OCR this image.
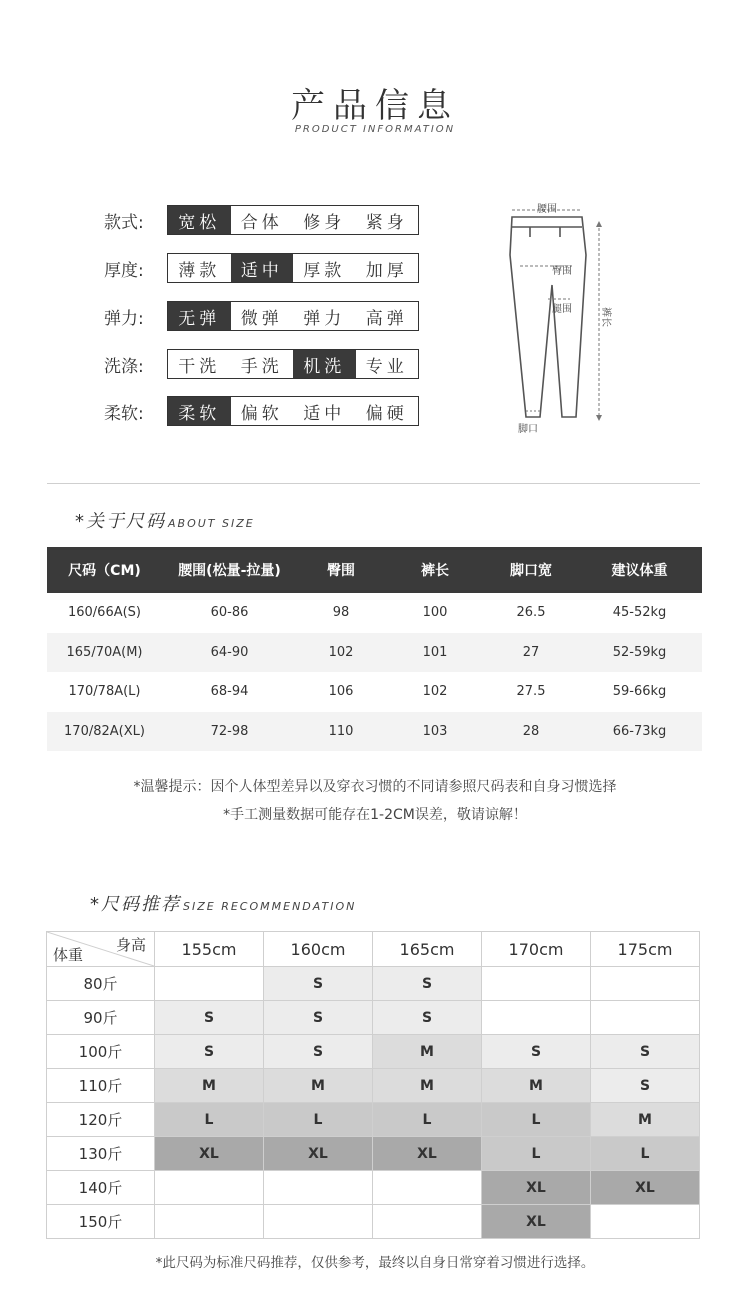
产品信息
PRODUCT INFORMATION
款式:	宽松	合体	修身	紧身
厚度:	薄款	适中	厚款	加厚
弹力:	无弹	微弹	弹力	高弹
洗涤:	干洗	手洗	机洗	专业
柔软:	柔软	偏软	适中	偏硬
腰围
臀围
腿围
脚口
裤长
*关于尺码 ABOUT SIZE
尺码（CM)	腰围(松量-拉量)	臀围	裤长	脚口宽	建议体重
160/66A(S)	60-86	98	100	26.5	45-52kg
165/70A(M)	64-90	102	101	27	52-59kg
170/78A(L)	68-94	106	102	27.5	59-66kg
170/82A(XL)	72-98	110	103	28	66-73kg
*温馨提示：因个人体型差异以及穿衣习惯的不同请参照尺码表和自身习惯选择
*手工测量数据可能存在1-2CM误差，敬请谅解！
*尺码推荐 SIZE RECOMMENDATION
身高
体重	155cm	160cm	165cm	170cm	175cm
80斤		S	S		
90斤	S	S	S		
100斤	S	S	M	S	S
110斤	M	M	M	M	S
120斤	L	L	L	L	M
130斤	XL	XL	XL	L	L
140斤				XL	XL
150斤				XL	
*此尺码为标准尺码推荐，仅供参考，最终以自身日常穿着习惯进行选择。
